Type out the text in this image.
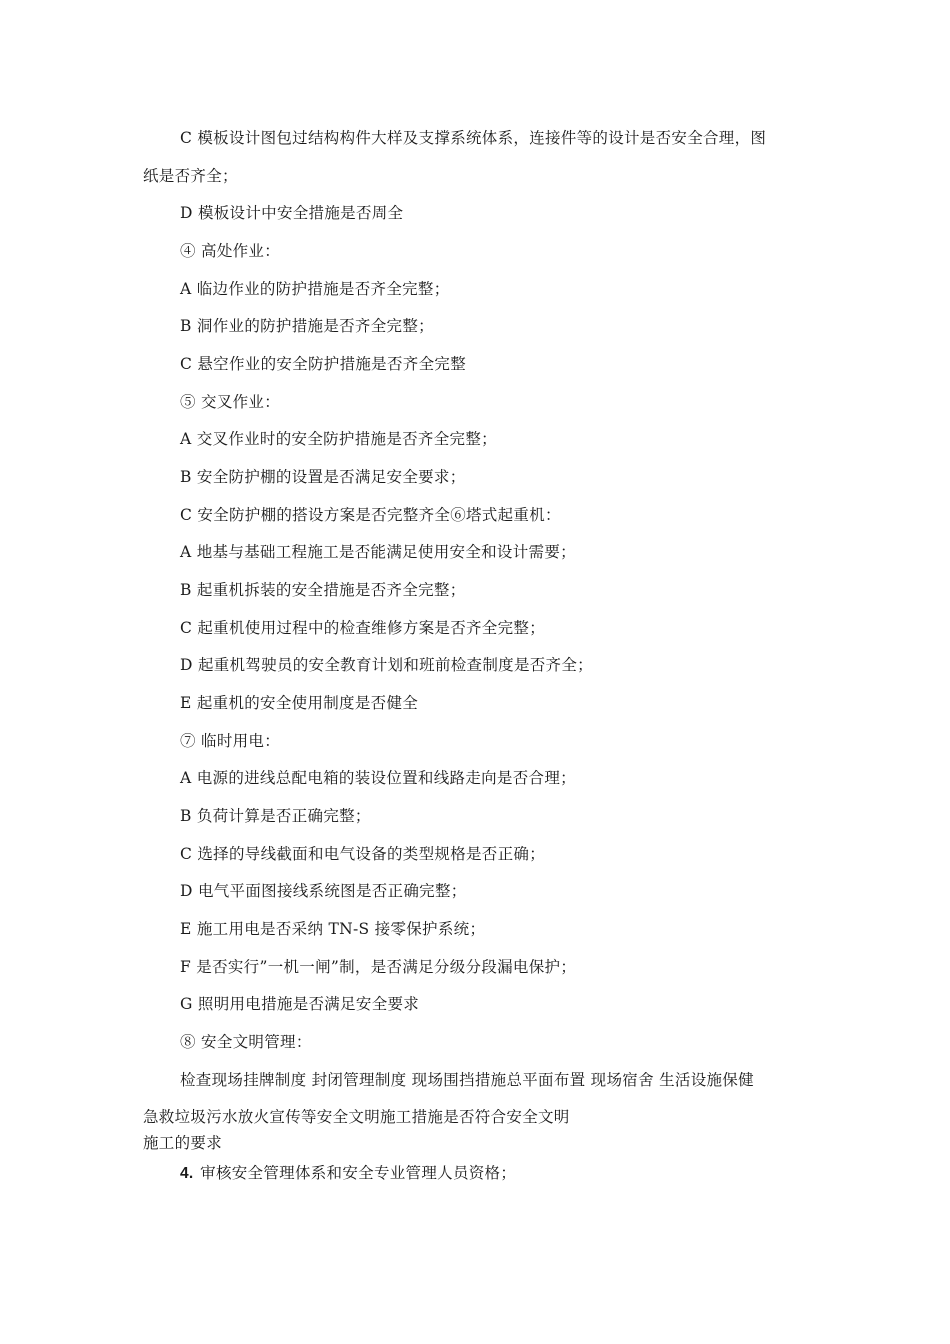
C 模板设计图包过结构构件大样及支撑系统体系，连接件等的设计是否安全合理，图
纸是否齐全；
D 模板设计中安全措施是否周全
④ 高处作业：
A 临边作业的防护措施是否齐全完整；
B 洞作业的防护措施是否齐全完整；
C 悬空作业的安全防护措施是否齐全完整
⑤ 交叉作业：
A 交叉作业时的安全防护措施是否齐全完整；
B 安全防护棚的设置是否满足安全要求；
C 安全防护棚的搭设方案是否完整齐全⑥塔式起重机：
A 地基与基础工程施工是否能满足使用安全和设计需要；
B 起重机拆装的安全措施是否齐全完整；
C 起重机使用过程中的检查维修方案是否齐全完整；
D 起重机驾驶员的安全教育计划和班前检查制度是否齐全；
E 起重机的安全使用制度是否健全
⑦ 临时用电：
A 电源的进线总配电箱的装设位置和线路走向是否合理；
B 负荷计算是否正确完整；
C 选择的导线截面和电气设备的类型规格是否正确；
D 电气平面图接线系统图是否正确完整；
E 施工用电是否采纳 TN-S 接零保护系统；
F 是否实行”一机一闸”制，是否满足分级分段漏电保护；
G 照明用电措施是否满足安全要求
⑧ 安全文明管理：
检查现场挂牌制度 封闭管理制度 现场围挡措施总平面布置 现场宿舍 生活设施保健
急救垃圾污水放火宣传等安全文明施工措施是否符合安全文明
施工的要求
4. 审核安全管理体系和安全专业管理人员资格；
